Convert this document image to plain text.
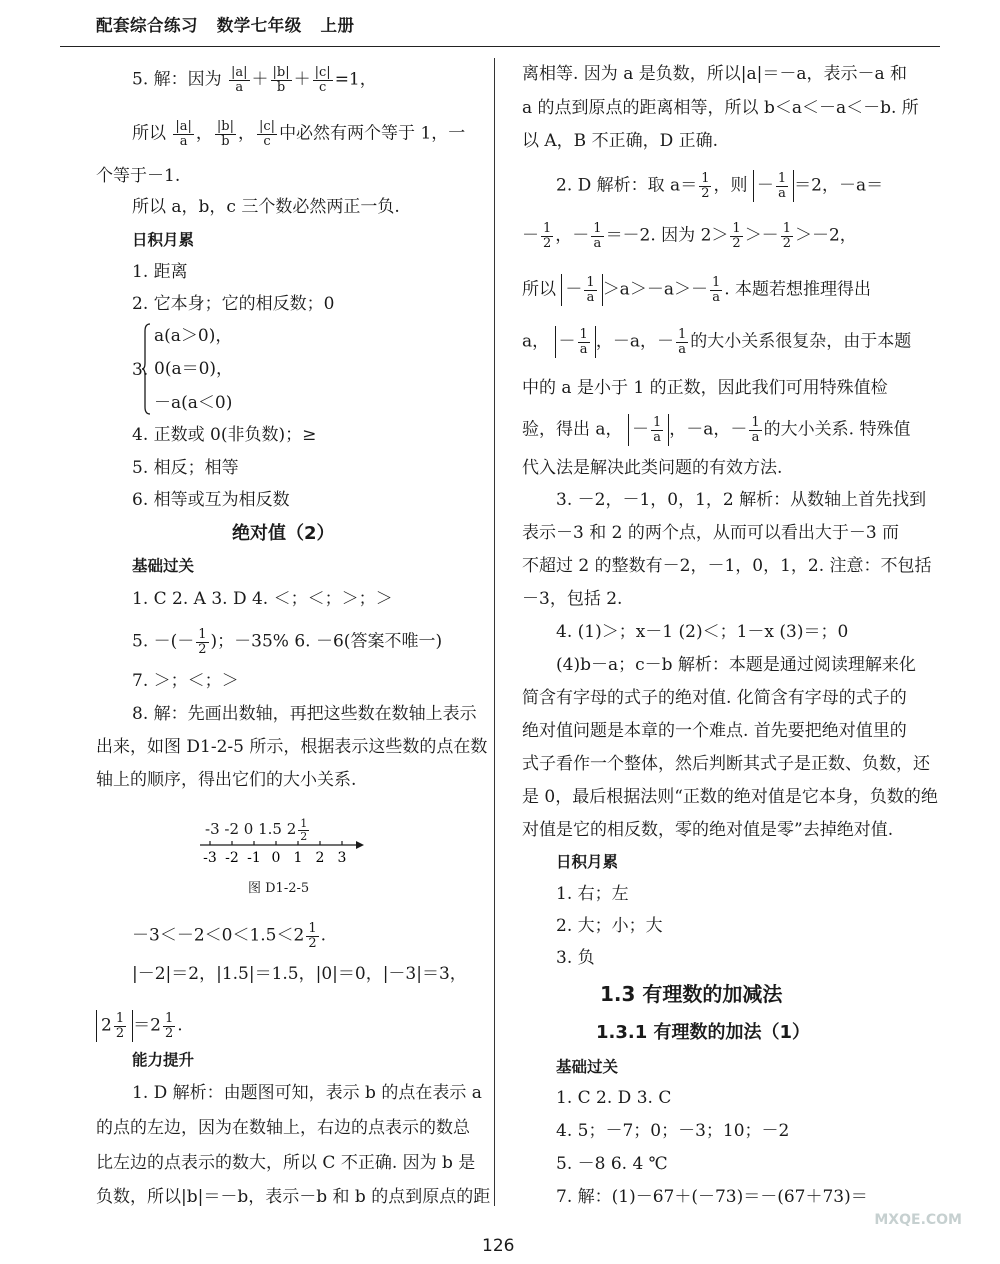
配套综合练习   数学七年级   上册
5. 解：因为 $\frac{|a|}{a} + \frac{|b|}{b} + \frac{|c|}{c} =1$，
所以 $\frac{|a|}{a}$ ， $\frac{|b|}{b}$ ， $\frac{|c|}{c}$ 中必然有两个等于 1，一
个等于－1.
所以 a，b，c 三个数必然两正一负.
日积月累
1. 距离
2. 它本身；它的相反数；0
3.
a(a＞0)，
0(a＝0)，
－a(a＜0)
4. 正数或 0(非负数)；≥
5. 相反；相等
6. 相等或互为相反数
绝对值（2）
基础过关
1. C 2. A 3. D 4. ＜；＜；＞；＞
5. －(－ $\frac{1}{2}$ )；－35% 6. －6(答案不唯一)
7. ＞；＜；＞
8. 解：先画出数轴，再把这些数在数轴上表示
出来，如图 D1-2-5 所示，根据表示这些数的点在数
轴上的顺序，得出它们的大小关系.
-3 -2 0 1.5 $2 \frac{1}{2}$
-3 -2 -1 0 1 2 3
图 D1-2-5
$-3<-2<0<1.5<2 \frac{1}{2}$ .
|－2|＝2，|1.5|＝1.5，|0|＝0，|－3|＝3，
$2 \frac{1}{2} =2 \frac{1}{2}$ .
能力提升
1. D 解析：由题图可知，表示 b 的点在表示 a
的点的左边，因为在数轴上，右边的点表示的数总
比左边的点表示的数大，所以 C 不正确. 因为 b 是
负数，所以|b|＝－b，表示－b 和 b 的点到原点的距
离相等. 因为 a 是负数，所以|a|＝－a，表示－a 和
a 的点到原点的距离相等，所以 b＜a＜－a＜－b. 所
以 A，B 不正确，D 正确.
2. D 解析：取 $a= \frac{1}{2}$ ，则 － $\frac{1}{a} =2$，－a＝
－ $\frac{1}{2}$ ，－ $\frac{1}{a} =-2$. 因为 $2> \frac{1}{2} >- \frac{1}{2} >-2$，
所以 － $\frac{1}{a} >a>-a>- \frac{1}{a}$ . 本题若想推理得出
a， － $\frac{1}{a}$ ，－a，－ $\frac{1}{a}$ 的大小关系很复杂，由于本题
中的 a 是小于 1 的正数，因此我们可用特殊值检
验，得出 a， － $\frac{1}{a}$ ，－a，－ $\frac{1}{a}$ 的大小关系. 特殊值
代入法是解决此类问题的有效方法.
3. －2，－1，0，1，2 解析：从数轴上首先找到
表示－3 和 2 的两个点，从而可以看出大于－3 而
不超过 2 的整数有－2，－1，0，1，2. 注意：不包括
－3，包括 2.
4. (1)＞；x－1 (2)＜；1－x (3)＝；0
(4)b－a；c－b 解析：本题是通过阅读理解来化
简含有字母的式子的绝对值. 化简含有字母的式子的
绝对值问题是本章的一个难点. 首先要把绝对值里的
式子看作一个整体，然后判断其式子是正数、负数，还
是 0，最后根据法则“正数的绝对值是它本身，负数的绝
对值是它的相反数，零的绝对值是零”去掉绝对值.
日积月累
1. 右；左
2. 大；小；大
3. 负
1.3 有理数的加减法
1.3.1 有理数的加法（1）
基础过关
1. C 2. D 3. C
4. 5；－7；0；－3；10；－2
5. －8 6. 4 ℃
7. 解：(1)－67＋(－73)＝－(67＋73)＝
126
MXQE.COM
